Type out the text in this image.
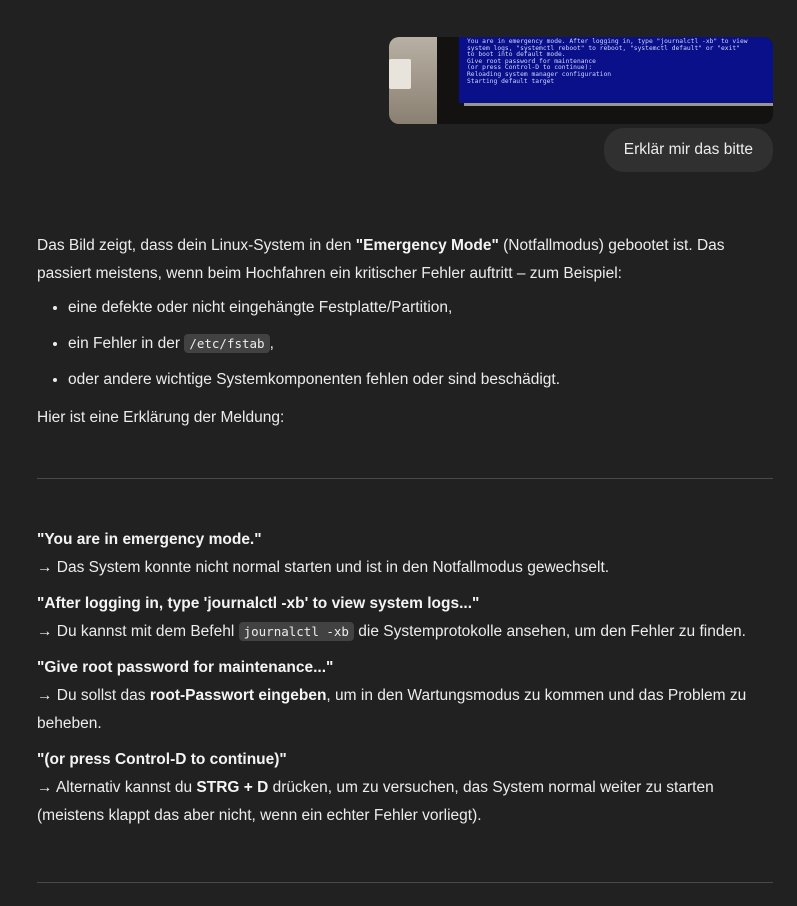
You are in emergency mode. After logging in, type "journalctl -xb" to view
system logs, "systemctl reboot" to reboot, "systemctl default" or "exit"
to boot into default mode.
Give root password for maintenance
(or press Control-D to continue):
Reloading system manager configuration
Starting default target
Erklär mir das bitte

Das Bild zeigt, dass dein Linux-System in den "Emergency Mode" (Notfallmodus) gebootet ist. Das passiert meistens, wenn beim Hochfahren ein kritischer Fehler auftritt – zum Beispiel:

• eine defekte oder nicht eingehängte Festplatte/Partition,
• ein Fehler in der /etc/fstab ,
• oder andere wichtige Systemkomponenten fehlen oder sind beschädigt.

Hier ist eine Erklärung der Meldung:

"You are in emergency mode."
→ Das System konnte nicht normal starten und ist in den Notfallmodus gewechselt.
"After logging in, type 'journalctl -xb' to view system logs..."
→ Du kannst mit dem Befehl journalctl -xb die Systemprotokolle ansehen, um den Fehler zu finden.
"Give root password for maintenance..."
→ Du sollst das root-Passwort eingeben, um in den Wartungsmodus zu kommen und das Problem zu beheben.
"(or press Control-D to continue)"
→ Alternativ kannst du STRG + D drücken, um zu versuchen, das System normal weiter zu starten (meistens klappt das aber nicht, wenn ein echter Fehler vorliegt).
